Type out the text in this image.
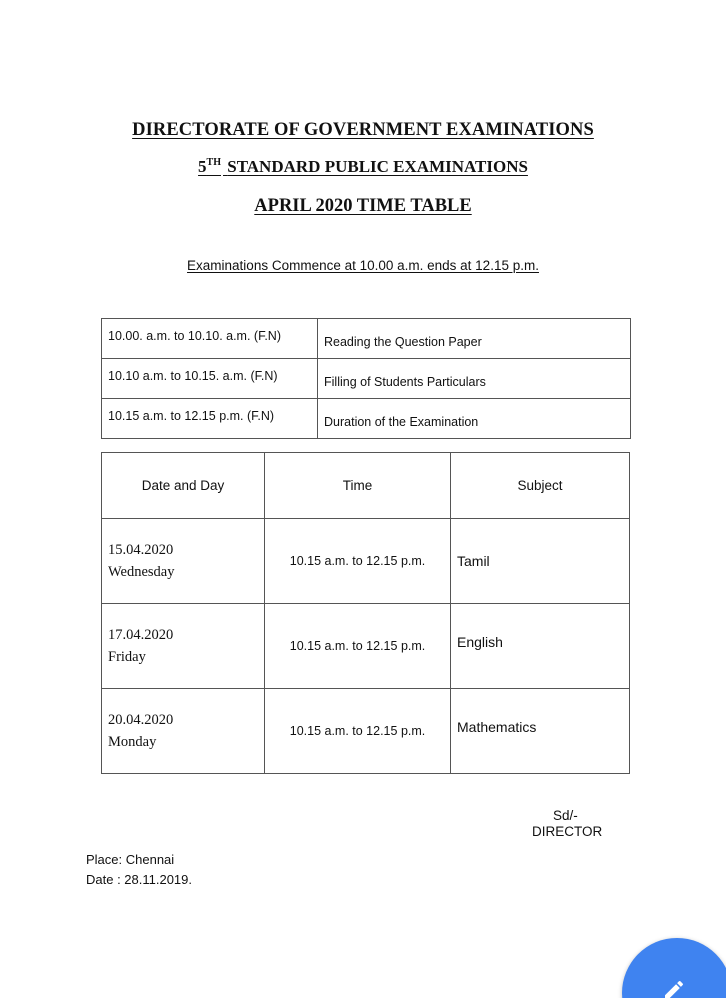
DIRECTORATE OF GOVERNMENT EXAMINATIONS
5TH STANDARD PUBLIC EXAMINATIONS
APRIL 2020 TIME TABLE
Examinations Commence at 10.00 a.m. ends at 12.15 p.m.
10.00. a.m. to 10.10. a.m. (F.N)	Reading the Question Paper
10.10 a.m. to 10.15. a.m. (F.N)	Filling of Students Particulars
10.15 a.m. to 12.15 p.m. (F.N)	Duration of the Examination
Date and Day	Time	Subject

15.04.2020
Wednesday	10.15 a.m. to 12.15 p.m.	Tamil

17.04.2020
Friday	10.15 a.m. to 12.15 p.m.	English

20.04.2020
Monday	10.15 a.m. to 12.15 p.m.	Mathematics
Sd/-
DIRECTOR
Place: Chennai
Date : 28.11.2019.
